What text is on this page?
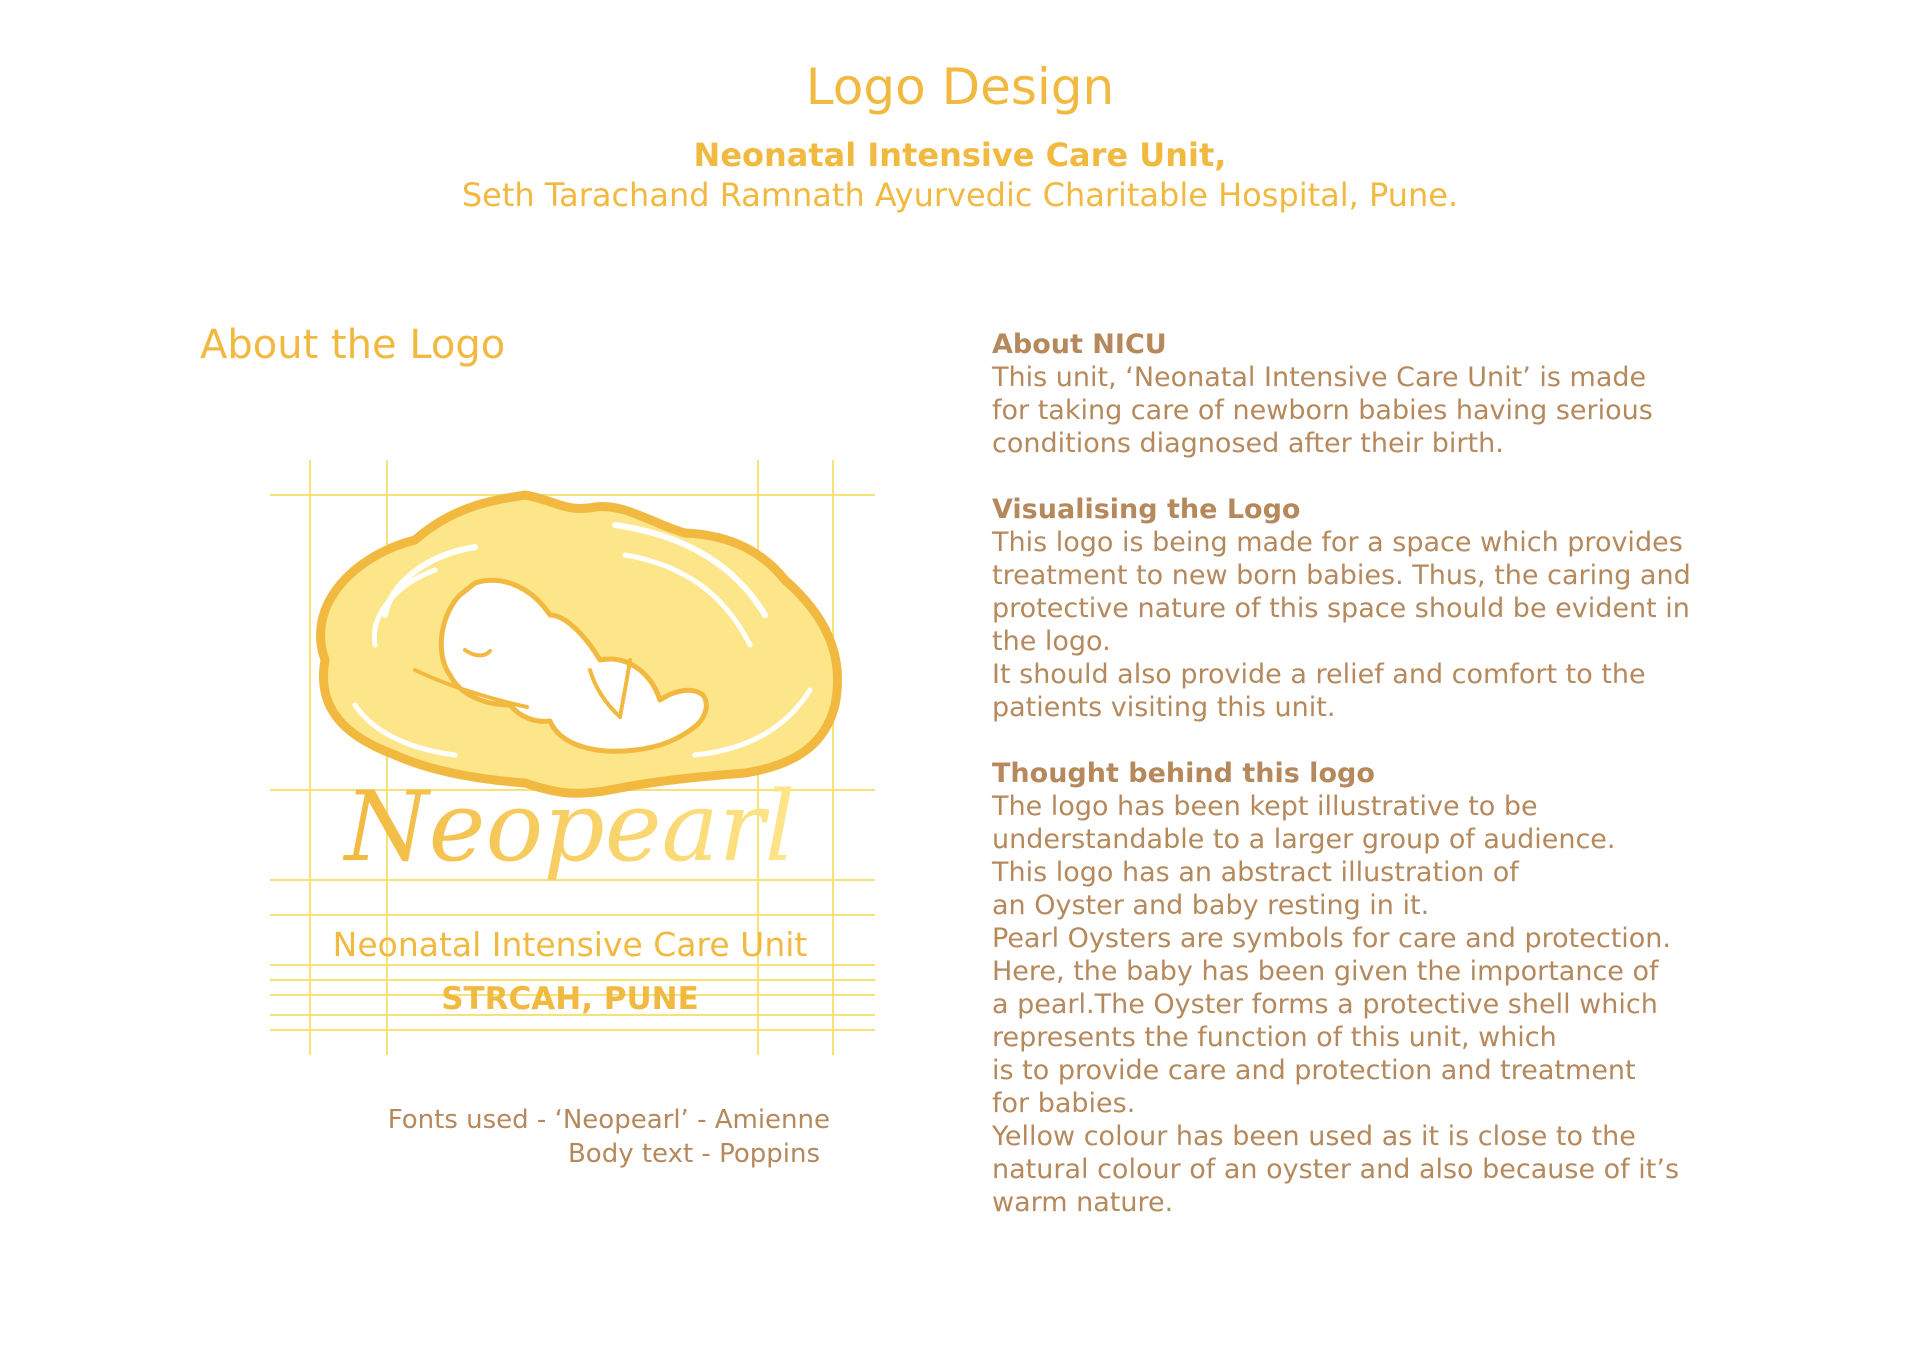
Logo Design
Neonatal Intensive Care Unit,
Seth Tarachand Ramnath Ayurvedic Charitable Hospital, Pune.
About the Logo
Neopearl
Neonatal Intensive Care Unit
STRCAH, PUNE
Fonts used - ‘Neopearl’ - Amienne
Body text - Poppins
About NICU
This unit, ‘Neonatal Intensive Care Unit’ is made
for taking care of newborn babies having serious
conditions diagnosed after their birth.
Visualising the Logo
This logo is being made for a space which provides
treatment to new born babies. Thus, the caring and
protective nature of this space should be evident in
the logo.
It should also provide a relief and comfort to the
patients visiting this unit.
Thought behind this logo
The logo has been kept illustrative to be
understandable to a larger group of audience.
This logo has an abstract illustration of
an Oyster and baby resting in it.
Pearl Oysters are symbols for care and protection.
Here, the baby has been given the importance of
a pearl.The Oyster forms a protective shell which
represents the function of this unit, which
is to provide care and protection and treatment
for babies.
Yellow colour has been used as it is close to the
natural colour of an oyster and also because of it’s
warm nature.
